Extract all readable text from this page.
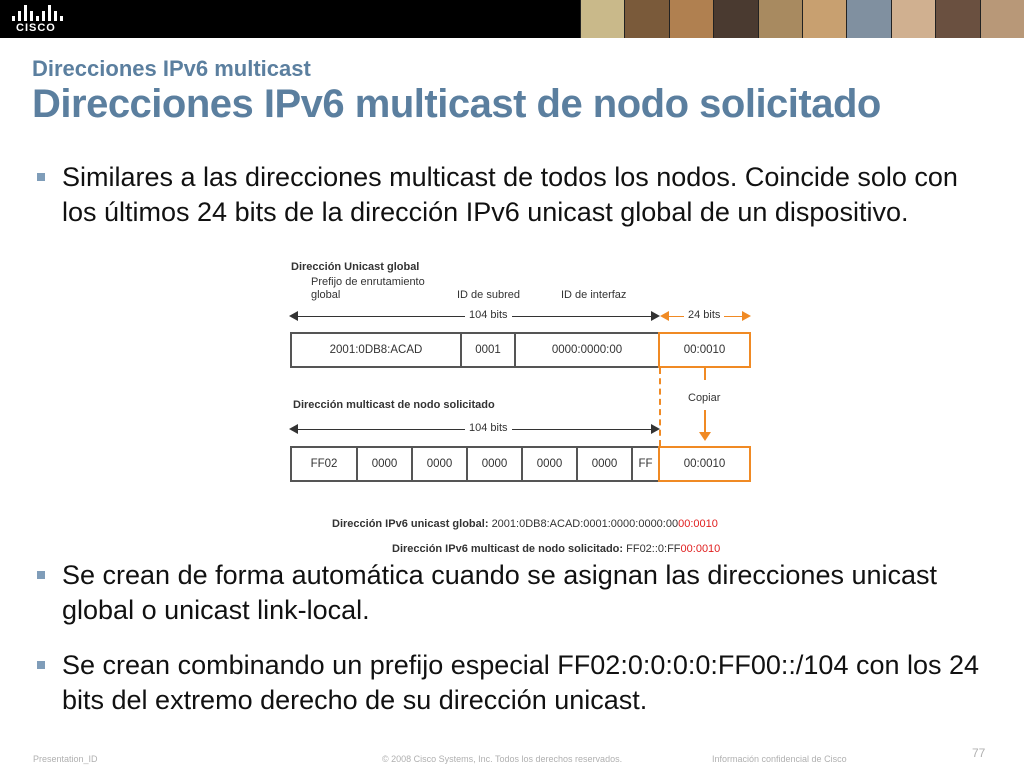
CISCO
Direcciones IPv6 multicast
Direcciones IPv6 multicast de nodo solicitado
Similares a las direcciones multicast de todos los nodos. Coincide solo con los últimos 24 bits de la dirección IPv6 unicast global de un dispositivo.
Dirección Unicast global
Prefijo de enrutamiento
global	ID de subred	ID de interfaz
104 bits	24 bits
2001:0DB8:ACAD	0001	0000:0000:00	00:0010
Copiar
Dirección multicast de nodo solicitado
104 bits
FF02	0000	0000	0000	0000	0000	FF	00:0010
Dirección IPv6 unicast global: 2001:0DB8:ACAD:0001:0000:0000:0000:0010
Dirección IPv6 multicast de nodo solicitado: FF02::0:FF00:0010
Se crean de forma automática cuando se asignan las direcciones unicast global o unicast link-local.
Se crean combinando un prefijo especial FF02:0:0:0:0:FF00::/104 con los 24 bits del extremo derecho de su dirección unicast.
Presentation_ID	© 2008 Cisco Systems, Inc. Todos los derechos reservados.	Información confidencial de Cisco	77
